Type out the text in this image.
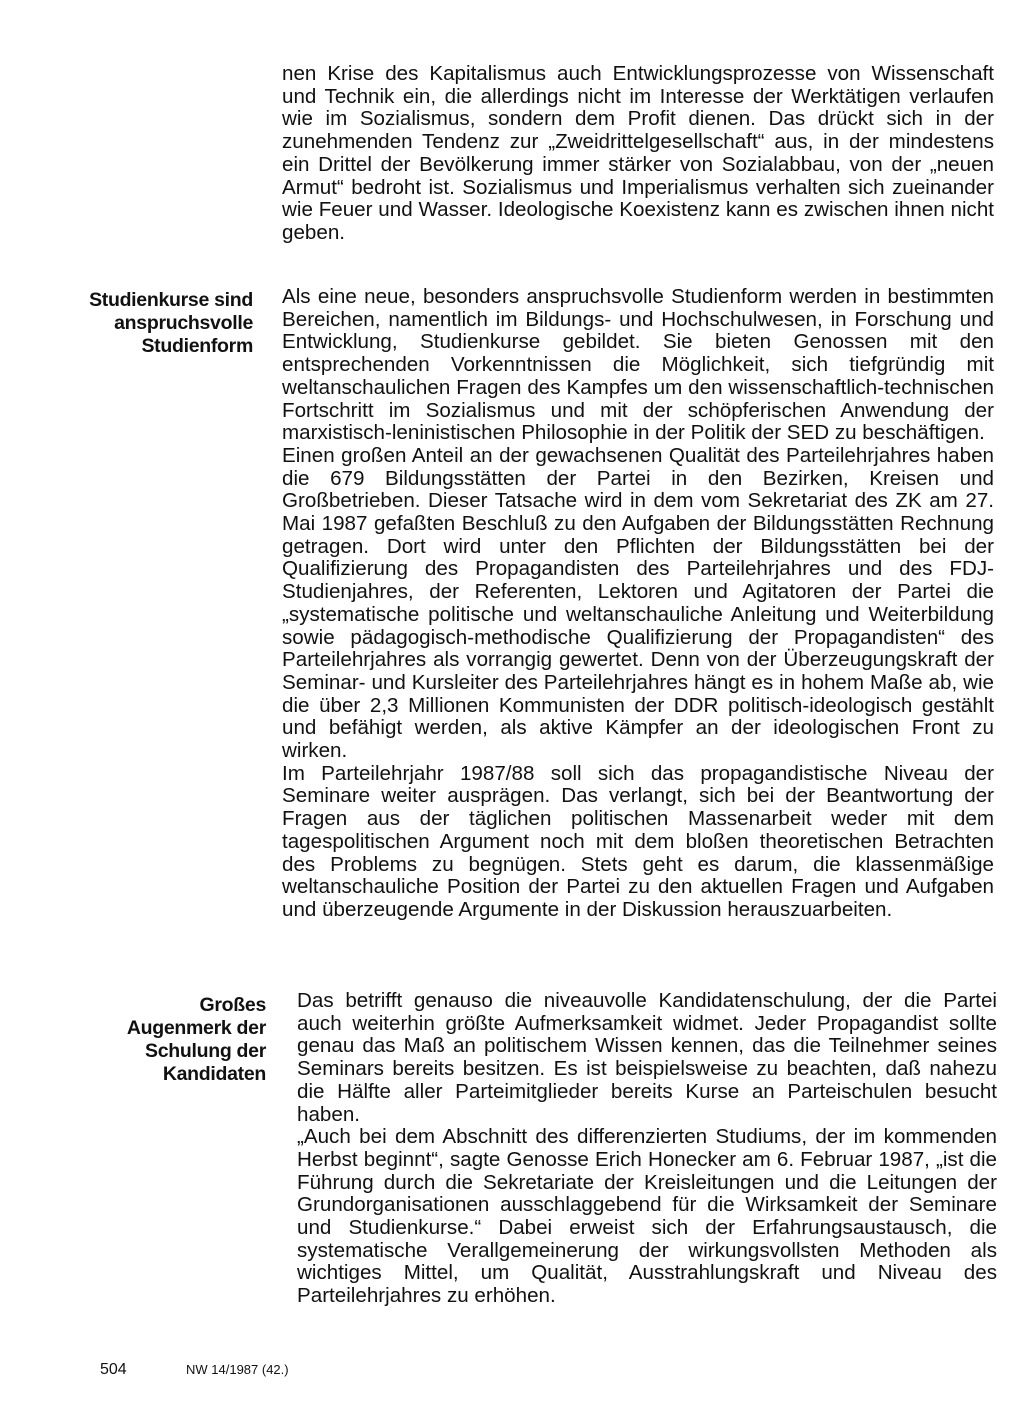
nen Krise des Kapitalismus auch Entwicklungsprozesse von Wissenschaft und Technik ein, die allerdings nicht im Interesse der Werktätigen verlaufen wie im Sozialismus, sondern dem Profit dienen. Das drückt sich in der zunehmenden Tendenz zur „Zweidrittelgesellschaft“ aus, in der mindestens ein Drittel der Bevölkerung immer stärker von Sozialabbau, von der „neuen Armut“ bedroht ist. Sozialismus und Imperialismus verhalten sich zueinander wie Feuer und Wasser. Ideologische Koexistenz kann es zwischen ihnen nicht geben.

Studienkurse sind anspruchsvolle Studienform

Als eine neue, besonders anspruchsvolle Studienform werden in bestimmten Bereichen, namentlich im Bildungs- und Hochschulwesen, in Forschung und Entwicklung, Studienkurse gebildet. Sie bieten Genossen mit den entsprechenden Vorkenntnissen die Möglichkeit, sich tiefgründig mit weltanschaulichen Fragen des Kampfes um den wissenschaftlich-technischen Fortschritt im Sozialismus und mit der schöpferischen Anwendung der marxistisch-leninistischen Philosophie in der Politik der SED zu beschäftigen.

Einen großen Anteil an der gewachsenen Qualität des Parteilehrjahres haben die 679 Bildungsstätten der Partei in den Bezirken, Kreisen und Großbetrieben. Dieser Tatsache wird in dem vom Sekretariat des ZK am 27. Mai 1987 gefaßten Beschluß zu den Aufgaben der Bildungsstätten Rechnung getragen. Dort wird unter den Pflichten der Bildungsstätten bei der Qualifizierung des Propagandisten des Parteilehrjahres und des FDJ-Studienjahres, der Referenten, Lektoren und Agitatoren der Partei die „systematische politische und weltanschauliche Anleitung und Weiterbildung sowie pädagogisch-methodische Qualifizierung der Propagandisten“ des Parteilehrjahres als vorrangig gewertet. Denn von der Überzeugungskraft der Seminar- und Kursleiter des Parteilehrjahres hängt es in hohem Maße ab, wie die über 2,3 Millionen Kommunisten der DDR politisch-ideologisch gestählt und befähigt werden, als aktive Kämpfer an der ideologischen Front zu wirken.

Im Parteilehrjahr 1987/88 soll sich das propagandistische Niveau der Seminare weiter ausprägen. Das verlangt, sich bei der Beantwortung der Fragen aus der täglichen politischen Massenarbeit weder mit dem tagespolitischen Argument noch mit dem bloßen theoretischen Betrachten des Problems zu begnügen. Stets geht es darum, die klassenmäßige weltanschauliche Position der Partei zu den aktuellen Fragen und Aufgaben und überzeugende Argumente in der Diskussion herauszuarbeiten.

Großes Augenmerk der Schulung der Kandidaten

Das betrifft genauso die niveauvolle Kandidatenschulung, der die Partei auch weiterhin größte Aufmerksamkeit widmet. Jeder Propagandist sollte genau das Maß an politischem Wissen kennen, das die Teilnehmer seines Seminars bereits besitzen. Es ist beispielsweise zu beachten, daß nahezu die Hälfte aller Parteimitglieder bereits Kurse an Parteischulen besucht haben.

„Auch bei dem Abschnitt des differenzierten Studiums, der im kommenden Herbst beginnt“, sagte Genosse Erich Honecker am 6. Februar 1987, „ist die Führung durch die Sekretariate der Kreisleitungen und die Leitungen der Grundorganisationen ausschlaggebend für die Wirksamkeit der Seminare und Studienkurse.“ Dabei erweist sich der Erfahrungsaustausch, die systematische Verallgemeinerung der wirkungsvollsten Methoden als wichtiges Mittel, um Qualität, Ausstrahlungskraft und Niveau des Parteilehrjahres zu erhöhen.

504	NW 14/1987 (42.)
